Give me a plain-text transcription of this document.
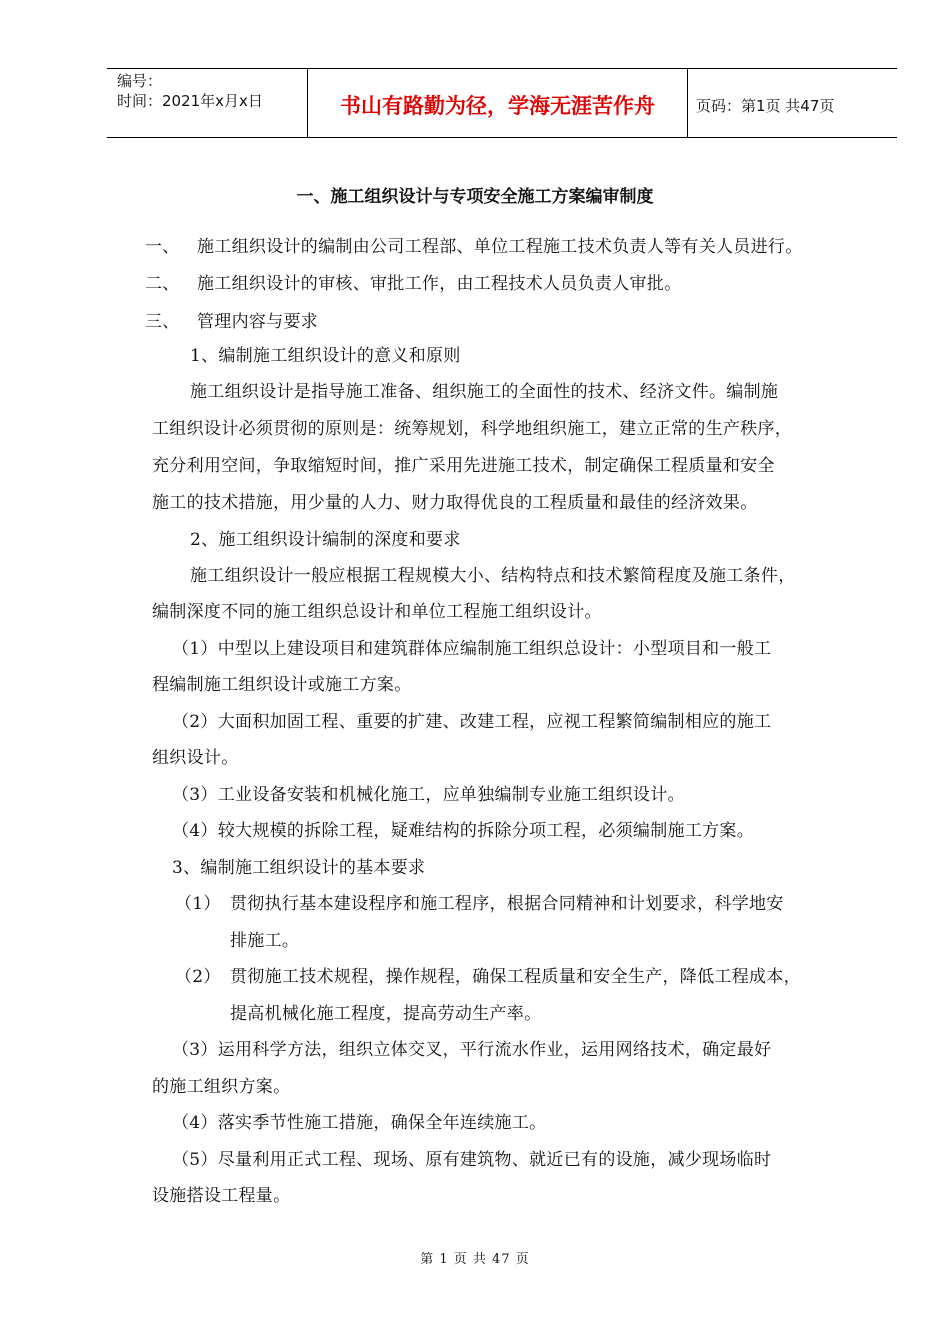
编号：
时间：2021年x月x日	书山有路勤为径，学海无涯苦作舟	页码：第1页 共47页
一、施工组织设计与专项安全施工方案编审制度
一、 施工组织设计的编制由公司工程部、单位工程施工技术负责人等有关人员进行。
二、 施工组织设计的审核、审批工作，由工程技术人员负责人审批。
三、 管理内容与要求
1、编制施工组织设计的意义和原则
施工组织设计是指导施工准备、组织施工的全面性的技术、经济文件。编制施
工组织设计必须贯彻的原则是：统筹规划，科学地组织施工，建立正常的生产秩序，
充分利用空间，争取缩短时间，推广采用先进施工技术，制定确保工程质量和安全
施工的技术措施，用少量的人力、财力取得优良的工程质量和最佳的经济效果。
2、施工组织设计编制的深度和要求
施工组织设计一般应根据工程规模大小、结构特点和技术繁简程度及施工条件，
编制深度不同的施工组织总设计和单位工程施工组织设计。
（1）中型以上建设项目和建筑群体应编制施工组织总设计：小型项目和一般工
程编制施工组织设计或施工方案。
（2）大面积加固工程、重要的扩建、改建工程，应视工程繁简编制相应的施工
组织设计。
（3）工业设备安装和机械化施工，应单独编制专业施工组织设计。
（4）较大规模的拆除工程，疑难结构的拆除分项工程，必须编制施工方案。
3、编制施工组织设计的基本要求
（1） 贯彻执行基本建设程序和施工程序，根据合同精神和计划要求，科学地安
排施工。
（2） 贯彻施工技术规程，操作规程，确保工程质量和安全生产，降低工程成本，
提高机械化施工程度，提高劳动生产率。
（3）运用科学方法，组织立体交叉，平行流水作业，运用网络技术，确定最好
的施工组织方案。
（4）落实季节性施工措施，确保全年连续施工。
（5）尽量利用正式工程、现场、原有建筑物、就近已有的设施，减少现场临时
设施搭设工程量。
第 1 页 共 47 页
